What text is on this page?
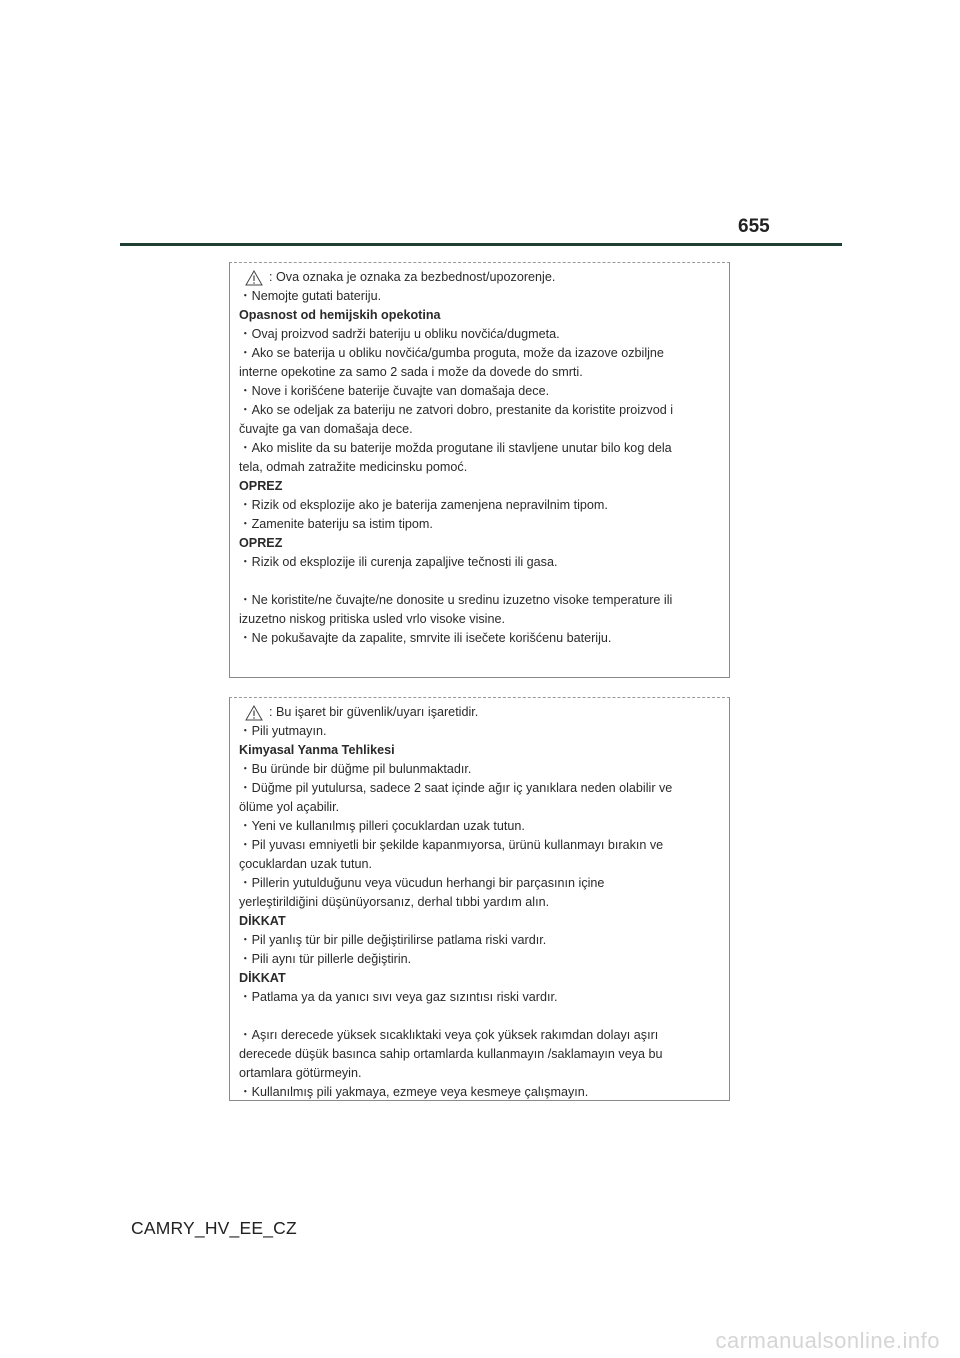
655
: Ova oznaka je oznaka za bezbednost/upozorenje.
・Nemojte gutati bateriju.
Opasnost od hemijskih opekotina
・Ovaj proizvod sadrži bateriju u obliku novčića/dugmeta.
・Ako se baterija u obliku novčića/gumba proguta, može da izazove ozbiljne
interne opekotine za samo 2 sada i može da dovede do smrti.
・Nove i korišćene baterije čuvajte van domašaja dece.
・Ako se odeljak za bateriju ne zatvori dobro, prestanite da koristite proizvod i
čuvajte ga van domašaja dece.
・Ako mislite da su baterije možda progutane ili stavljene unutar bilo kog dela
tela, odmah zatražite medicinsku pomoć.
OPREZ
・Rizik od eksplozije ako je baterija zamenjena nepravilnim tipom.
・Zamenite bateriju sa istim tipom.
OPREZ
・Rizik od eksplozije ili curenja zapaljive tečnosti ili gasa.
・Ne koristite/ne čuvajte/ne donosite u sredinu izuzetno visoke temperature ili
izuzetno niskog pritiska usled vrlo visoke visine.
・Ne pokušavajte da zapalite, smrvite ili isečete korišćenu bateriju.
: Bu işaret bir güvenlik/uyarı işaretidir.
・Pili yutmayın.
Kimyasal Yanma Tehlikesi
・Bu üründe bir düğme pil bulunmaktadır.
・Düğme pil yutulursa, sadece 2 saat içinde ağır iç yanıklara neden olabilir ve
ölüme yol açabilir.
・Yeni ve kullanılmış pilleri çocuklardan uzak tutun.
・Pil yuvası emniyetli bir şekilde kapanmıyorsa, ürünü kullanmayı bırakın ve
çocuklardan uzak tutun.
・Pillerin yutulduğunu veya vücudun herhangi bir parçasının içine
yerleştirildiğini düşünüyorsanız, derhal tıbbi yardım alın.
DİKKAT
・Pil yanlış tür bir pille değiştirilirse patlama riski vardır.
・Pili aynı tür pillerle değiştirin.
DİKKAT
・Patlama ya da yanıcı sıvı veya gaz sızıntısı riski vardır.
・Aşırı derecede yüksek sıcaklıktaki veya çok yüksek rakımdan dolayı aşırı
derecede düşük basınca sahip ortamlarda kullanmayın /saklamayın veya bu
ortamlara götürmeyin.
・Kullanılmış pili yakmaya, ezmeye veya kesmeye çalışmayın.
CAMRY_HV_EE_CZ
carmanualsonline.info
